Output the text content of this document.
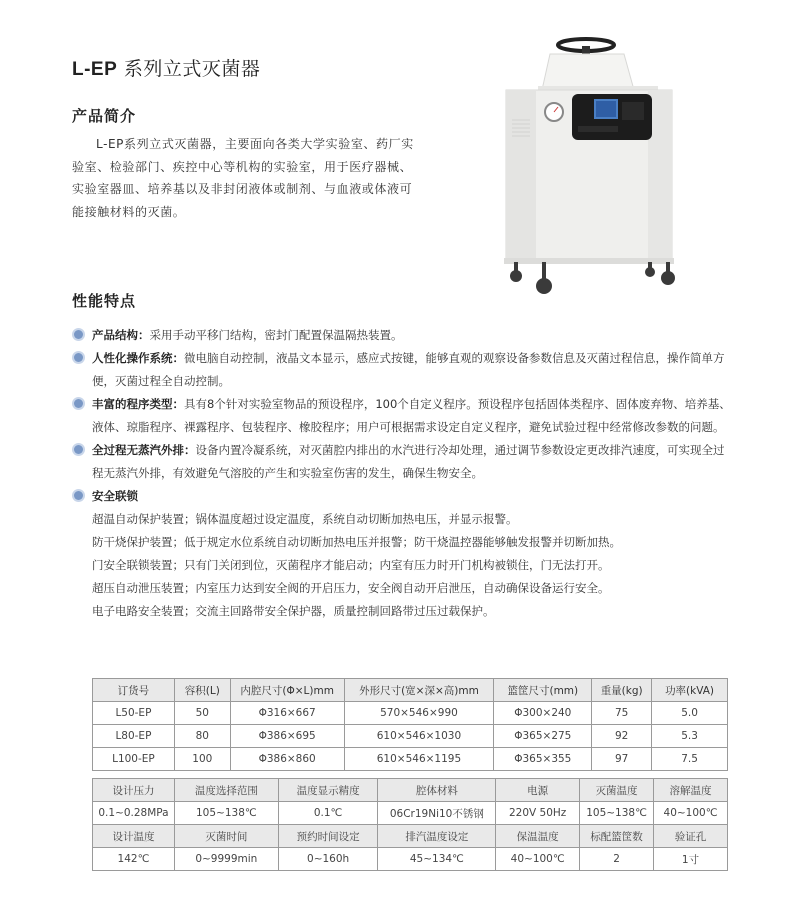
L-EP 系列立式灭菌器
产品简介
L-EP系列立式灭菌器，主要面向各类大学实验室、药厂实验室、检验部门、疾控中心等机构的实验室，用于医疗器械、实验室器皿、培养基以及非封闭液体或制剂、与血液或体液可能接触材料的灭菌。
性能特点
产品结构：采用手动平移门结构，密封门配置保温隔热装置。
人性化操作系统：微电脑自动控制，液晶文本显示，感应式按键，能够直观的观察设备参数信息及灭菌过程信息，操作简单方便，灭菌过程全自动控制。
丰富的程序类型：具有8个针对实验室物品的预设程序，100个自定义程序。预设程序包括固体类程序、固体废弃物、培养基、液体、琼脂程序、裸露程序、包装程序、橡胶程序；用户可根据需求设定自定义程序，避免试验过程中经常修改参数的问题。
全过程无蒸汽外排：设备内置冷凝系统，对灭菌腔内排出的水汽进行冷却处理，通过调节参数设定更改排汽速度，可实现全过程无蒸汽外排，有效避免气溶胶的产生和实验室伤害的发生，确保生物安全。
安全联锁
超温自动保护装置；锅体温度超过设定温度，系统自动切断加热电压，并显示报警。
防干烧保护装置；低于规定水位系统自动切断加热电压并报警；防干烧温控器能够触发报警并切断加热。
门安全联锁装置；只有门关闭到位，灭菌程序才能启动；内室有压力时开门机构被锁住，门无法打开。
超压自动泄压装置；内室压力达到安全阀的开启压力，安全阀自动开启泄压，自动确保设备运行安全。
电子电路安全装置；交流主回路带安全保护器，质量控制回路带过压过载保护。
订货号	容积(L)	内腔尺寸(Φ×L)mm	外形尺寸(宽×深×高)mm	篮筐尺寸(mm)	重量(kg)	功率(kVA)
L50-EP	50	Φ316×667	570×546×990	Φ300×240	75	5.0
L80-EP	80	Φ386×695	610×546×1030	Φ365×275	92	5.3
L100-EP	100	Φ386×860	610×546×1195	Φ365×355	97	7.5
设计压力	温度选择范围	温度显示精度	腔体材料	电源	灭菌温度	溶解温度
0.1~0.28MPa	105~138℃	0.1℃	06Cr19Ni10不锈钢	220V 50Hz	105~138℃	40~100℃
设计温度	灭菌时间	预约时间设定	排汽温度设定	保温温度	标配篮筐数	验证孔
142℃	0~9999min	0~160h	45~134℃	40~100℃	2	1寸
